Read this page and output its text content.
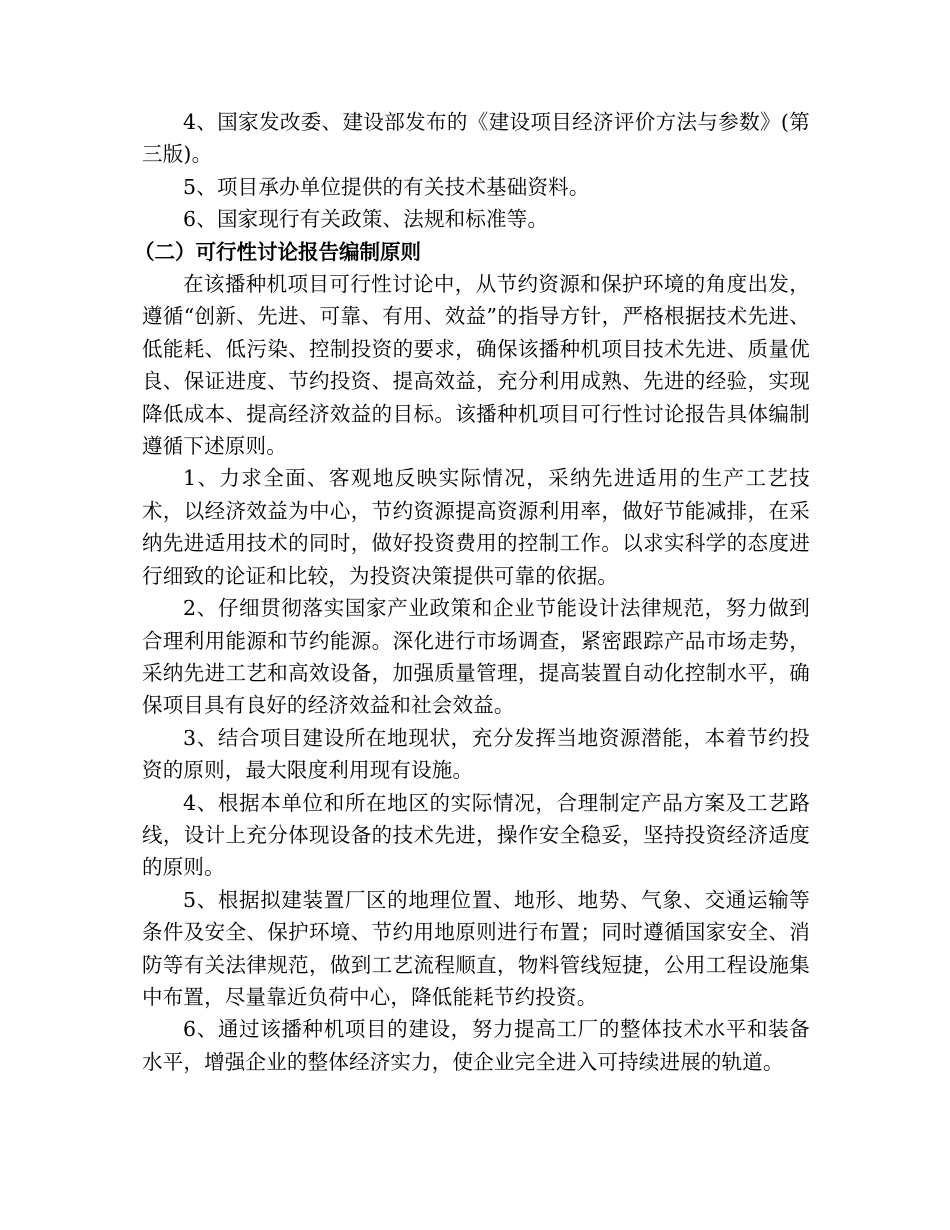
4、国家发改委、建设部发布的《建设项目经济评价方法与参数》(第三版)。

5、项目承办单位提供的有关技术基础资料。

6、国家现行有关政策、法规和标准等。

（二）可行性讨论报告编制原则

在该播种机项目可行性讨论中，从节约资源和保护环境的角度出发，遵循“创新、先进、可靠、有用、效益”的指导方针，严格根据技术先进、低能耗、低污染、控制投资的要求，确保该播种机项目技术先进、质量优良、保证进度、节约投资、提高效益，充分利用成熟、先进的经验，实现降低成本、提高经济效益的目标。该播种机项目可行性讨论报告具体编制遵循下述原则。

1、力求全面、客观地反映实际情况，采纳先进适用的生产工艺技术，以经济效益为中心，节约资源提高资源利用率，做好节能减排，在采纳先进适用技术的同时，做好投资费用的控制工作。以求实科学的态度进行细致的论证和比较，为投资决策提供可靠的依据。

2、仔细贯彻落实国家产业政策和企业节能设计法律规范，努力做到合理利用能源和节约能源。深化进行市场调查，紧密跟踪产品市场走势，采纳先进工艺和高效设备，加强质量管理，提高装置自动化控制水平，确保项目具有良好的经济效益和社会效益。

3、结合项目建设所在地现状，充分发挥当地资源潜能，本着节约投资的原则，最大限度利用现有设施。

4、根据本单位和所在地区的实际情况，合理制定产品方案及工艺路线，设计上充分体现设备的技术先进，操作安全稳妥，坚持投资经济适度的原则。

5、根据拟建装置厂区的地理位置、地形、地势、气象、交通运输等条件及安全、保护环境、节约用地原则进行布置；同时遵循国家安全、消防等有关法律规范，做到工艺流程顺直，物料管线短捷，公用工程设施集中布置，尽量靠近负荷中心，降低能耗节约投资。

6、通过该播种机项目的建设，努力提高工厂的整体技术水平和装备水平，增强企业的整体经济实力，使企业完全进入可持续进展的轨道。
